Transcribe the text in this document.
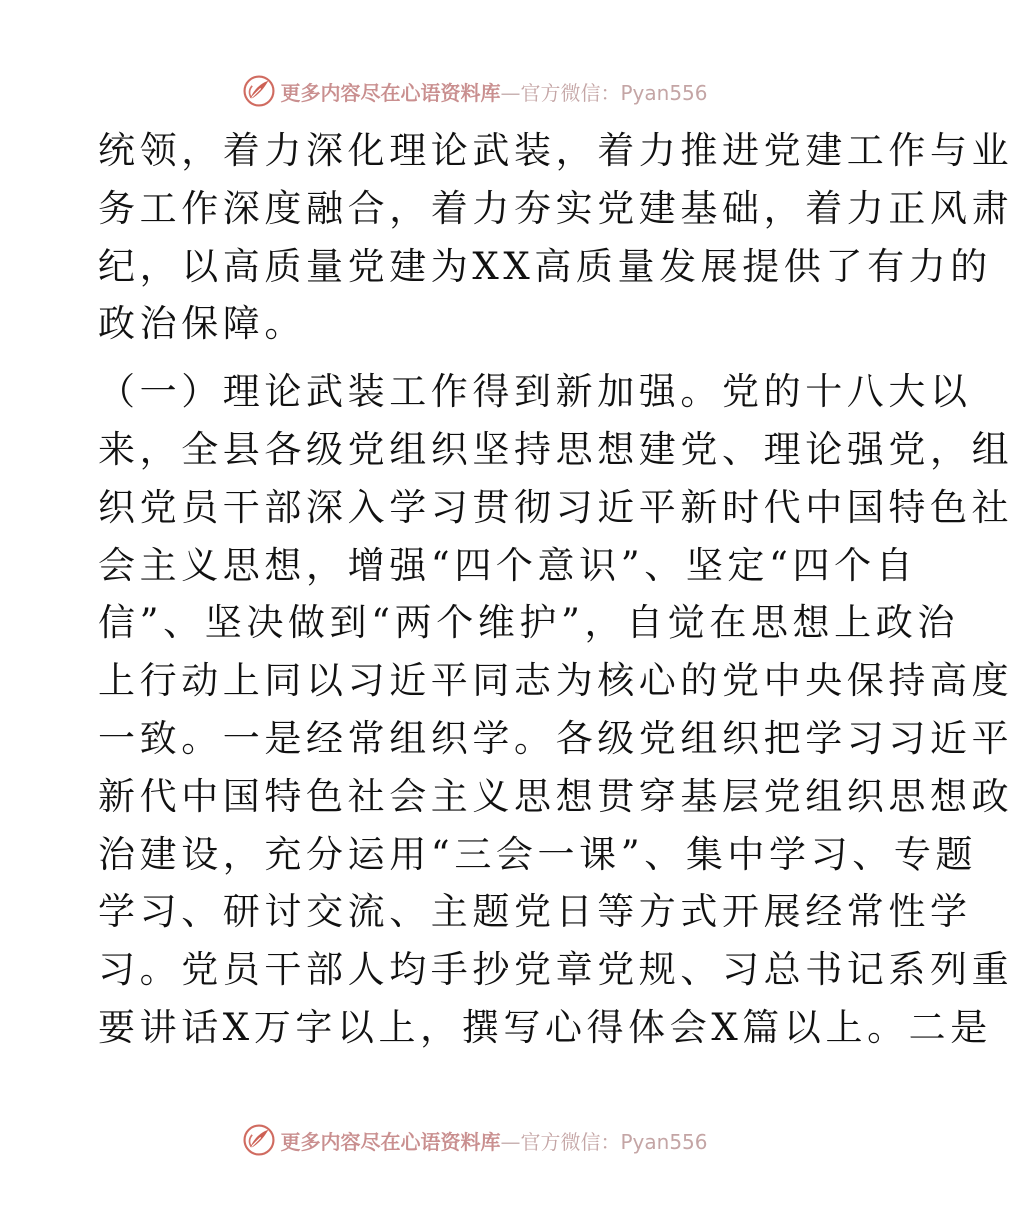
更多内容尽在心语资料库—官方微信：Pyan556

统领，着力深化理论武装，着力推进党建工作与业
务工作深度融合，着力夯实党建基础，着力正风肃
纪，以高质量党建为XX高质量发展提供了有力的
政治保障。

（一）理论武装工作得到新加强。党的十八大以
来，全县各级党组织坚持思想建党、理论强党，组
织党员干部深入学习贯彻习近平新时代中国特色社
会主义思想，增强“四个意识”、坚定“四个自
信”、坚决做到“两个维护”，自觉在思想上政治
上行动上同以习近平同志为核心的党中央保持高度
一致。一是经常组织学。各级党组织把学习习近平
新代中国特色社会主义思想贯穿基层党组织思想政
治建设，充分运用“三会一课”、集中学习、专题
学习、研讨交流、主题党日等方式开展经常性学
习。党员干部人均手抄党章党规、习总书记系列重
要讲话X万字以上，撰写心得体会X篇以上。二是

更多内容尽在心语资料库—官方微信：Pyan556
